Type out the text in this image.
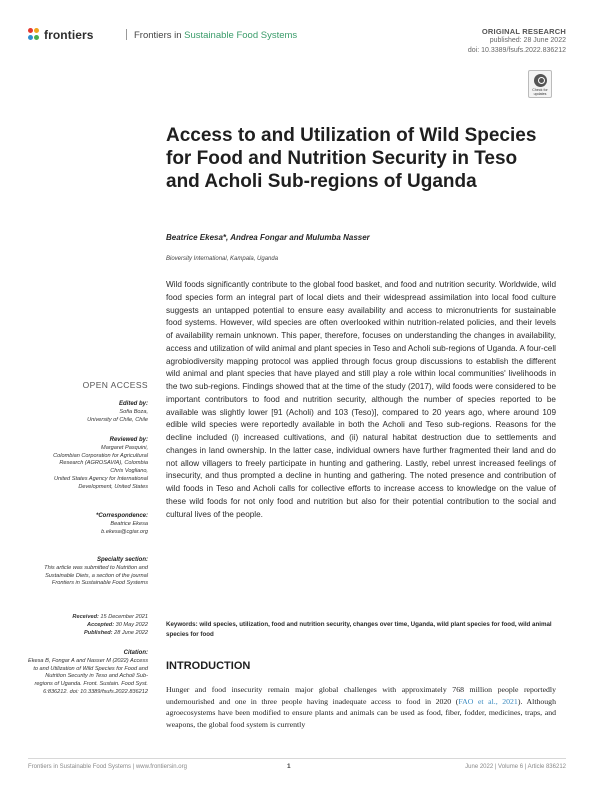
frontiers	Frontiers in Sustainable Food Systems	ORIGINAL RESEARCH
published: 28 June 2022
doi: 10.3389/fsufs.2022.836212
Check for
updates
Access to and Utilization of Wild Species for Food and Nutrition Security in Teso and Acholi Sub-regions of Uganda
Beatrice Ekesa*, Andrea Fongar and Mulumba Nasser
Bioversity International, Kampala, Uganda

Wild foods significantly contribute to the global food basket, and food and nutrition security. Worldwide, wild food species form an integral part of local diets and their widespread assimilation into local food culture suggests an untapped potential to ensure easy availability and access to micronutrients for sustainable food systems. However, wild species are often overlooked within nutrition-related policies, and their levels of availability remain unknown. This paper, therefore, focuses on understanding the changes in availability, access and utilization of wild animal and plant species in Teso and Acholi sub-regions of Uganda. A four-cell agrobiodiversity mapping protocol was applied through focus group discussions to establish the different wild animal and plant species that have played and still play a role within local communities' livelihoods in the two sub-regions. Findings showed that at the time of the study (2017), wild foods were considered to be important contributors to food and nutrition security, although the number of species reported to be available was slightly lower [91 (Acholi) and 103 (Teso)], compared to 20 years ago, where around 109 edible wild species were reportedly available in both the Acholi and Teso sub-regions. Reasons for the decline included (i) increased cultivations, and (ii) natural habitat destruction due to settlements and changes in land ownership. In the latter case, individual owners have further fragmented their land and do not allow villagers to freely participate in hunting and gathering. Lastly, rebel unrest increased feelings of insecurity, and thus prompted a decline in hunting and gathering. The noted presence and contribution of wild foods in Teso and Acholi calls for collective efforts to increase access to knowledge on the value of these wild foods for not only food and nutrition but also for their potential contribution to the social and cultural lives of the people.

Keywords: wild species, utilization, food and nutrition security, changes over time, Uganda, wild plant species for food, wild animal species for food

INTRODUCTION

Hunger and food insecurity remain major global challenges with approximately 768 million people reportedly undernourished and one in three people having inadequate access to food in 2020 (FAO et al., 2021). Although agroecosystems have been modified to ensure plants and animals can be used as food, fiber, fodder, medicines, traps, and weapons, the global food system is currently

OPEN ACCESS
Edited by:
Sofia Boza,
University of Chile, Chile
Reviewed by:
Margaret Pasquini,
Colombian Corporation for Agricultural Research (AGROSAVIA), Colombia
Chris Vogliano,
United States Agency for International Development, United States
*Correspondence:
Beatrice Ekesa
b.ekesa@cgiar.org
Specialty section:
This article was submitted to Nutrition and Sustainable Diets, a section of the journal Frontiers in Sustainable Food Systems
Received: 15 December 2021
Accepted: 30 May 2022
Published: 28 June 2022
Citation:
Ekesa B, Fongar A and Nasser M (2022) Access to and Utilization of Wild Species for Food and Nutrition Security in Teso and Acholi Sub-regions of Uganda. Front. Sustain. Food Syst. 6:836212. doi: 10.3389/fsufs.2022.836212
Frontiers in Sustainable Food Systems | www.frontiersin.org	1	June 2022 | Volume 6 | Article 836212
